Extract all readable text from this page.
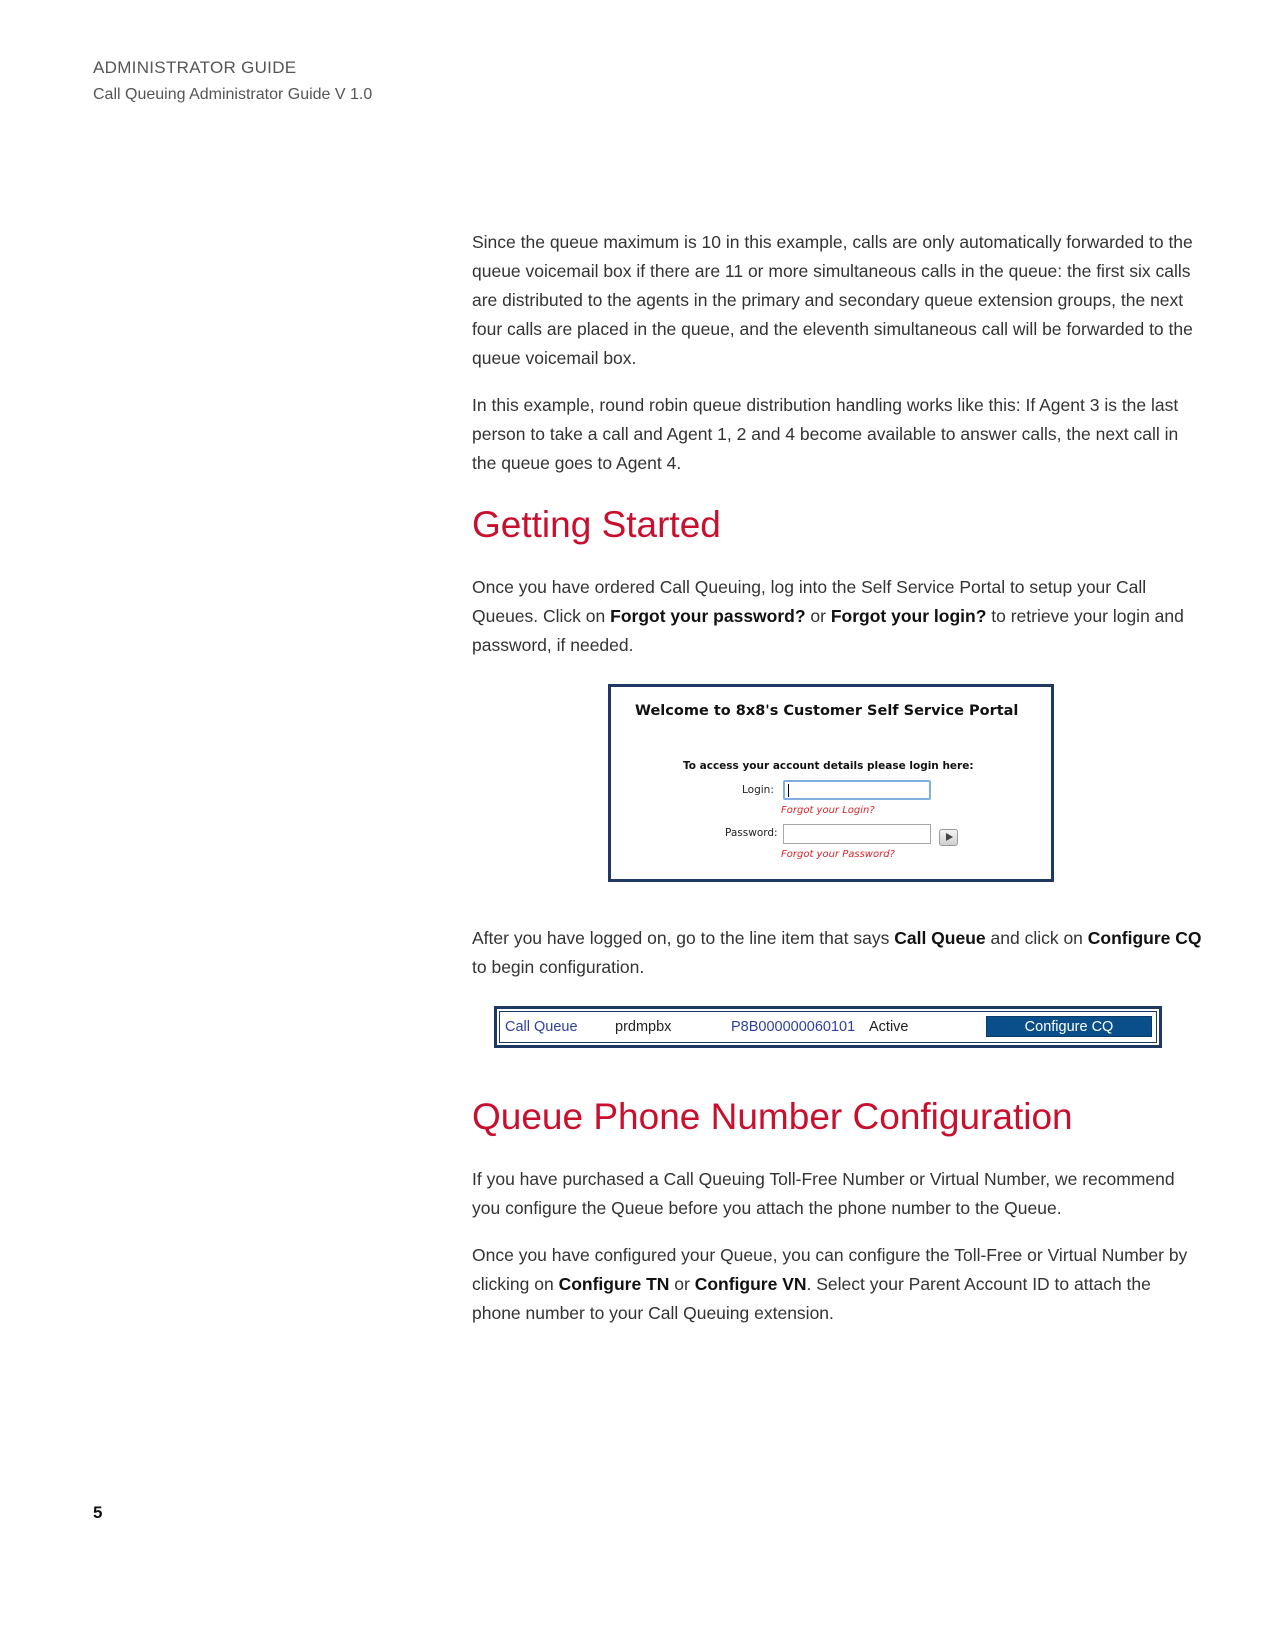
ADMINISTRATOR GUIDE
Call Queuing Administrator Guide V 1.0

Since the queue maximum is 10 in this example, calls are only automatically forwarded to the queue voicemail box if there are 11 or more simultaneous calls in the queue: the first six calls are distributed to the agents in the primary and secondary queue extension groups, the next four calls are placed in the queue, and the eleventh simultaneous call will be forwarded to the queue voicemail box.

In this example, round robin queue distribution handling works like this: If Agent 3 is the last person to take a call and Agent 1, 2 and 4 become available to answer calls, the next call in the queue goes to Agent 4.

Getting Started

Once you have ordered Call Queuing, log into the Self Service Portal to setup your Call Queues. Click on Forgot your password? or Forgot your login? to retrieve your login and password, if needed.

Welcome to 8x8's Customer Self Service Portal
To access your account details please login here:
Login:
Forgot your Login?
Password:
Forgot your Password?

After you have logged on, go to the line item that says Call Queue and click on Configure CQ to begin configuration.

Call Queue	prdmpbx	P8B000000060101 Active	Configure CQ
Queue Phone Number Configuration

If you have purchased a Call Queuing Toll-Free Number or Virtual Number, we recommend you configure the Queue before you attach the phone number to the Queue.

Once you have configured your Queue, you can configure the Toll-Free or Virtual Number by clicking on Configure TN or Configure VN. Select your Parent Account ID to attach the phone number to your Call Queuing extension.

5
